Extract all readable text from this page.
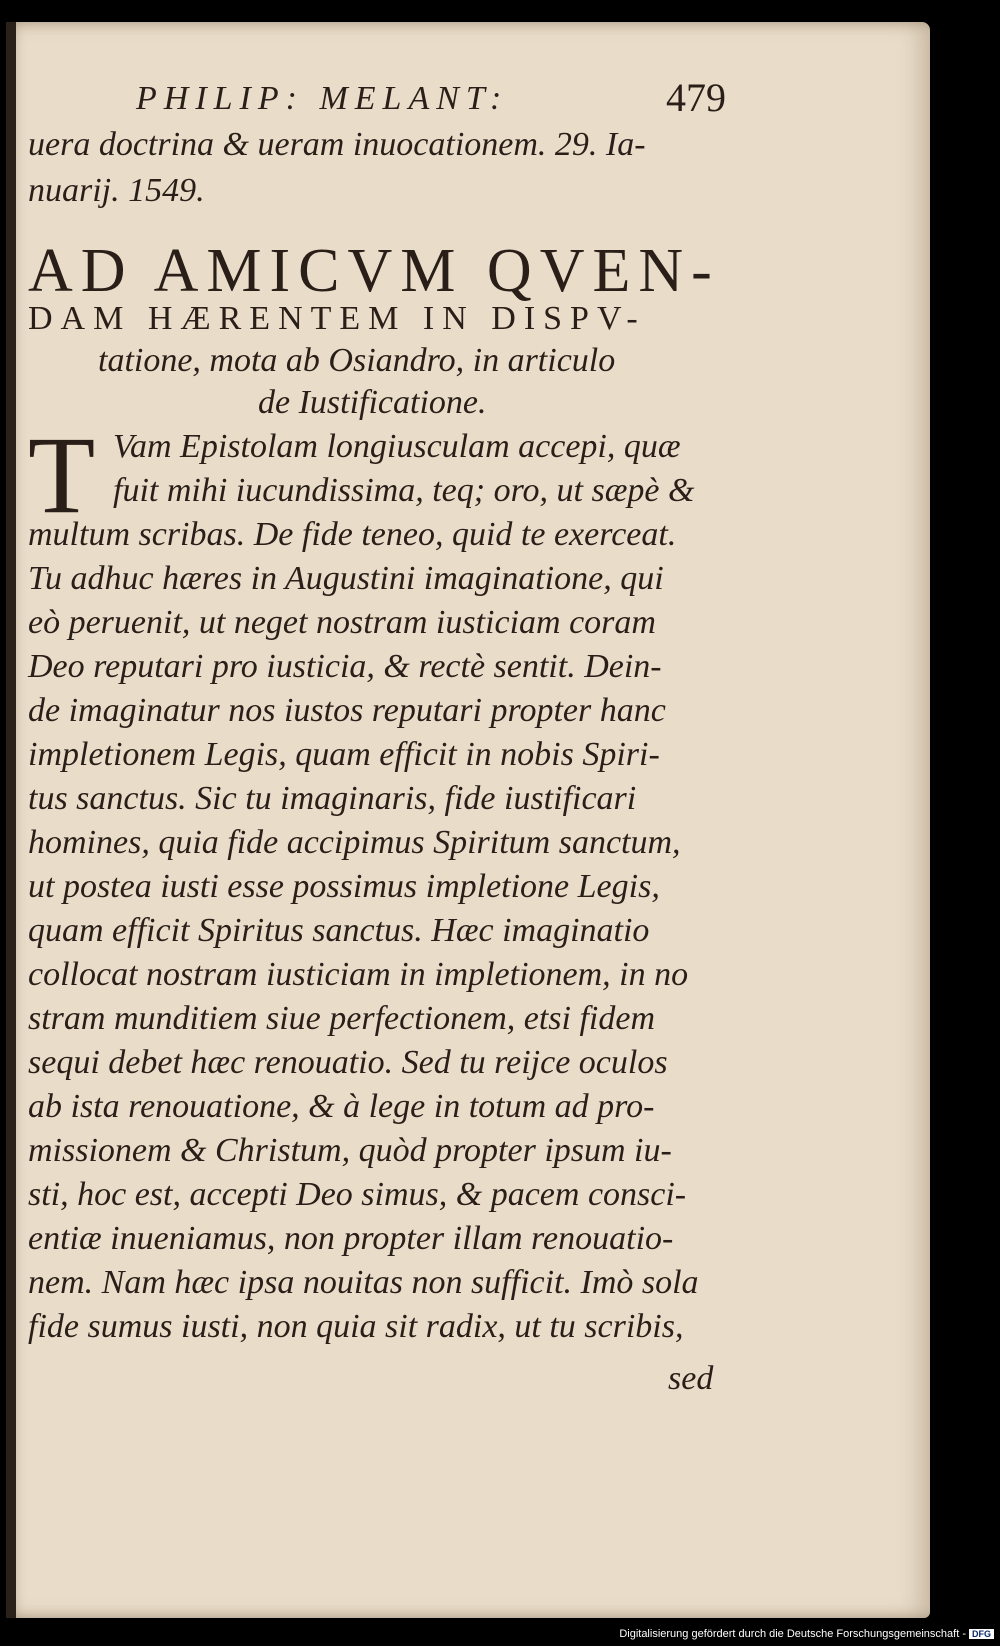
PHILIP: MELANT:	479
uera doctrina & ueram inuocationem. 29. Ia-
nuarij. 1549.
AD AMICVM QVEN-
DAM HÆRENTEM IN DISPV-
tatione, mota ab Osiandro, in articulo
de Iustificatione.
Vam Epistolam longiusculam accepi, quæ
fuit mihi iucundissima, teq; oro, ut sæpè &
multum scribas. De fide teneo, quid te exerceat.
Tu adhuc hæres in Augustini imaginatione, qui
eò peruenit, ut neget nostram iusticiam coram
Deo reputari pro iusticia, & rectè sentit. Dein-
de imaginatur nos iustos reputari propter hanc
impletionem Legis, quam efficit in nobis Spiri-
tus sanctus. Sic tu imaginaris, fide iustificari
homines, quia fide accipimus Spiritum sanctum,
ut postea iusti esse possimus impletione Legis,
quam efficit Spiritus sanctus. Hæc imaginatio
collocat nostram iusticiam in impletionem, in no
stram munditiem siue perfectionem, etsi fidem
sequi debet hæc renouatio. Sed tu reijce oculos
ab ista renouatione, & à lege in totum ad pro-
missionem & Christum, quòd propter ipsum iu-
sti, hoc est, accepti Deo simus, & pacem consci-
entiæ inueniamus, non propter illam renouatio-
nem. Nam hæc ipsa nouitas non sufficit. Imò sola
fide sumus iusti, non quia sit radix, ut tu scribis,
sed
T
Digitalisierung gefördert durch die Deutsche Forschungsgemeinschaft - DFG
